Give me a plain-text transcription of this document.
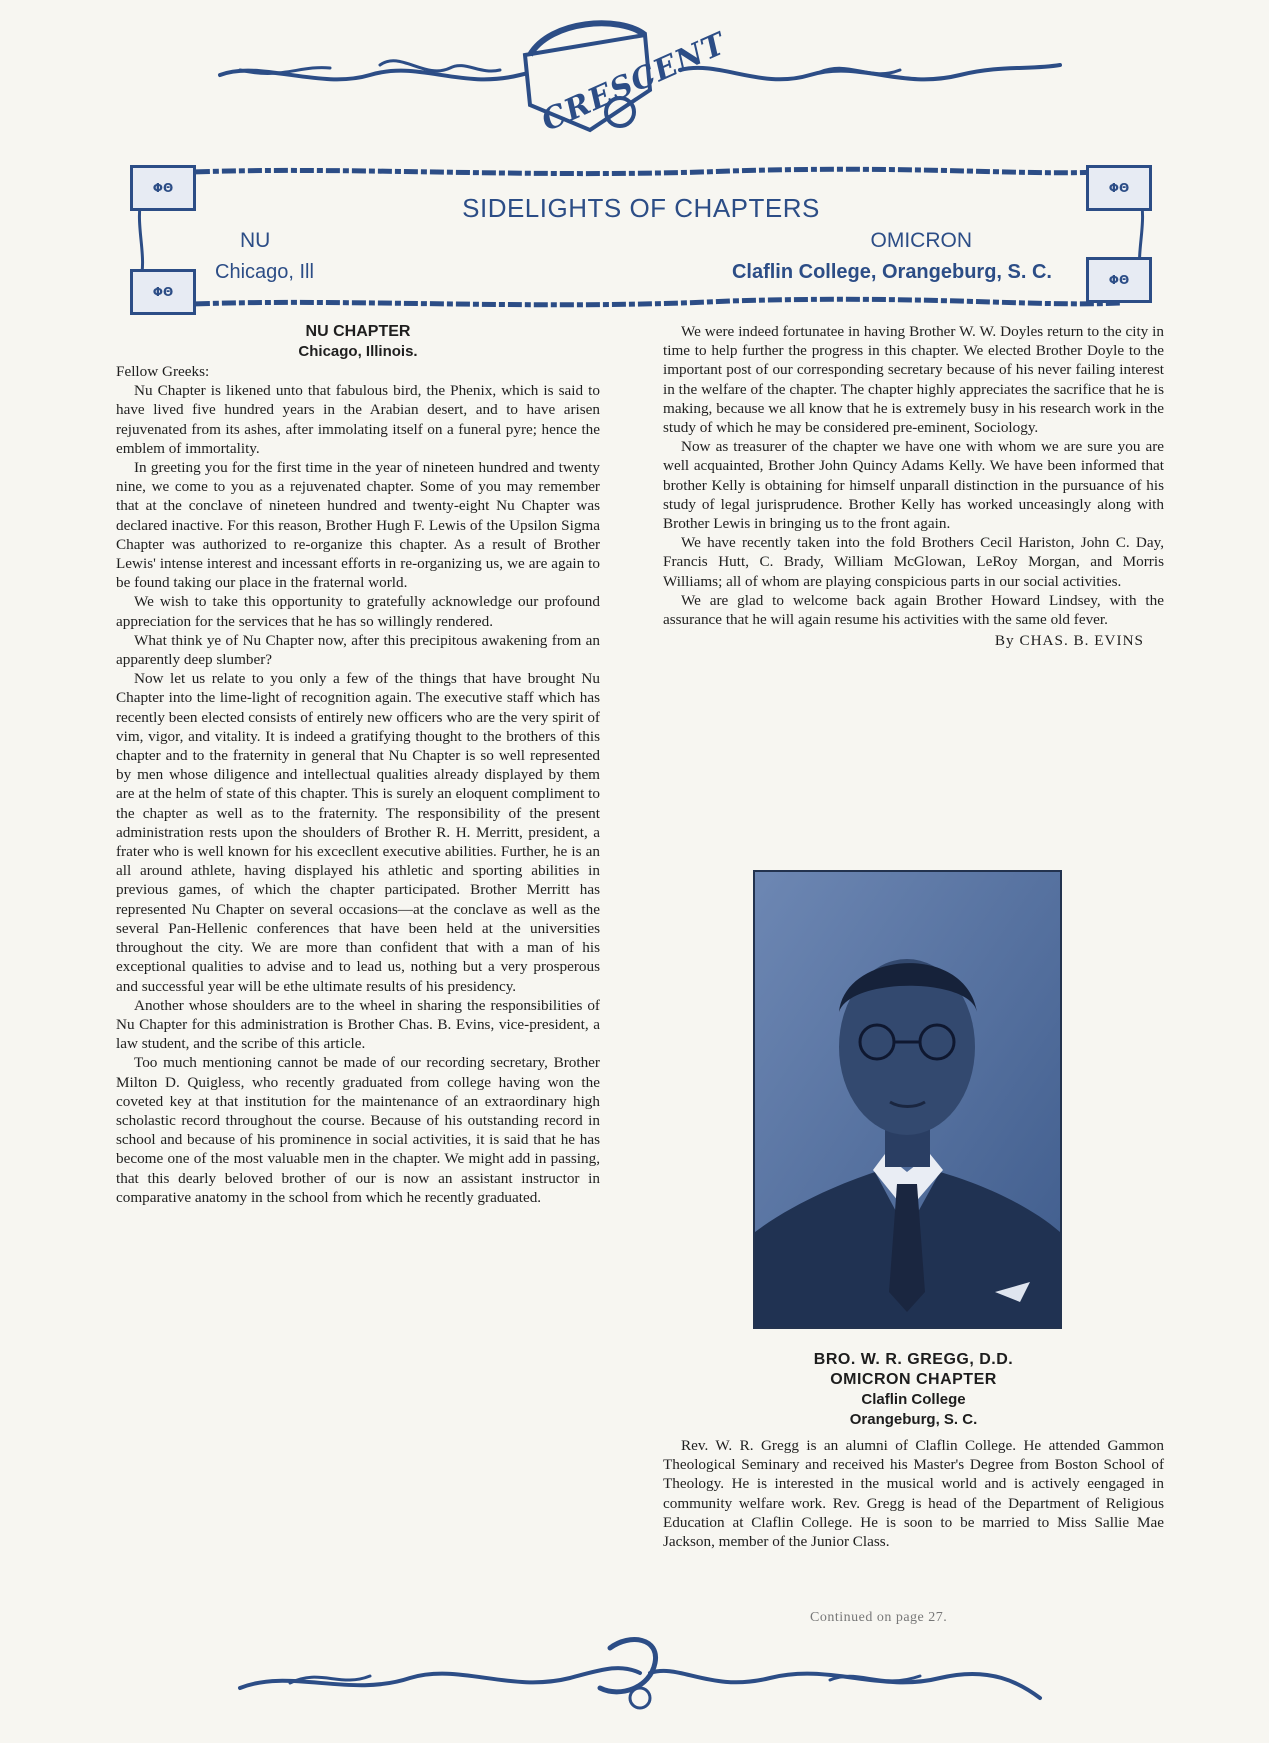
CRESCENT
ΦΘ
ΦΘ
ΦΘ
ΦΘ
SIDELIGHTS OF CHAPTERS
NU
Chicago, Ill
OMICRON
Claflin College, Orangeburg, S. C.
NU CHAPTER
Chicago, Illinois.

Fellow Greeks:

Nu Chapter is likened unto that fabulous bird, the Phenix, which is said to have lived five hundred years in the Arabian desert, and to have arisen rejuvenated from its ashes, after immolating itself on a funeral pyre; hence the emblem of immortality.

In greeting you for the first time in the year of nineteen hundred and twenty nine, we come to you as a rejuvenated chapter. Some of you may remember that at the conclave of nineteen hundred and twenty-eight Nu Chapter was declared inactive. For this reason, Brother Hugh F. Lewis of the Upsilon Sigma Chapter was authorized to re-organize this chapter. As a result of Brother Lewis' intense interest and incessant efforts in re-organizing us, we are again to be found taking our place in the fraternal world.

We wish to take this opportunity to gratefully acknowledge our profound appreciation for the services that he has so willingly rendered.

What think ye of Nu Chapter now, after this precipitous awakening from an apparently deep slumber?

Now let us relate to you only a few of the things that have brought Nu Chapter into the lime-light of recognition again. The executive staff which has recently been elected consists of entirely new officers who are the very spirit of vim, vigor, and vitality. It is indeed a gratifying thought to the brothers of this chapter and to the fraternity in general that Nu Chapter is so well represented by men whose diligence and intellectual qualities already displayed by them are at the helm of state of this chapter. This is surely an eloquent compliment to the chapter as well as to the fraternity. The responsibility of the present administration rests upon the shoulders of Brother R. H. Merritt, president, a frater who is well known for his excecllent executive abilities. Further, he is an all around athlete, having displayed his athletic and sporting abilities in previous games, of which the chapter participated. Brother Merritt has represented Nu Chapter on several occasions—at the conclave as well as the several Pan-Hellenic conferences that have been held at the universities throughout the city. We are more than confident that with a man of his exceptional qualities to advise and to lead us, nothing but a very prosperous and successful year will be ethe ultimate results of his presidency.

Another whose shoulders are to the wheel in sharing the responsibilities of Nu Chapter for this administration is Brother Chas. B. Evins, vice-president, a law student, and the scribe of this article.

Too much mentioning cannot be made of our recording secretary, Brother Milton D. Quigless, who recently graduated from college having won the coveted key at that institution for the maintenance of an extraordinary high scholastic record throughout the course. Because of his outstanding record in school and because of his prominence in social activities, it is said that he has become one of the most valuable men in the chapter. We might add in passing, that this dearly beloved brother of our is now an assistant instructor in comparative anatomy in the school from which he recently graduated.

We were indeed fortunatee in having Brother W. W. Doyles return to the city in time to help further the progress in this chapter. We elected Brother Doyle to the important post of our corresponding secretary because of his never failing interest in the welfare of the chapter. The chapter highly appreciates the sacrifice that he is making, because we all know that he is extremely busy in his research work in the study of which he may be considered pre-eminent, Sociology.

Now as treasurer of the chapter we have one with whom we are sure you are well acquainted, Brother John Quincy Adams Kelly. We have been informed that brother Kelly is obtaining for himself unparall distinction in the pursuance of his study of legal jurisprudence. Brother Kelly has worked unceasingly along with Brother Lewis in bringing us to the front again.

We have recently taken into the fold Brothers Cecil Hariston, John C. Day, Francis Hutt, C. Brady, William McGlowan, LeRoy Morgan, and Morris Williams; all of whom are playing conspicious parts in our social activities.

We are glad to welcome back again Brother Howard Lindsey, with the assurance that he will again resume his activities with the same old fever.

By CHAS. B. EVINS
BRO. W. R. GREGG, D.D.
OMICRON CHAPTER
Claflin College
Orangeburg, S. C.

Rev. W. R. Gregg is an alumni of Claflin College. He attended Gammon Theological Seminary and received his Master's Degree from Boston School of Theology. He is interested in the musical world and is actively eengaged in community welfare work. Rev. Gregg is head of the Department of Religious Education at Claflin College. He is soon to be married to Miss Sallie Mae Jackson, member of the Junior Class.

Continued on page 27.
